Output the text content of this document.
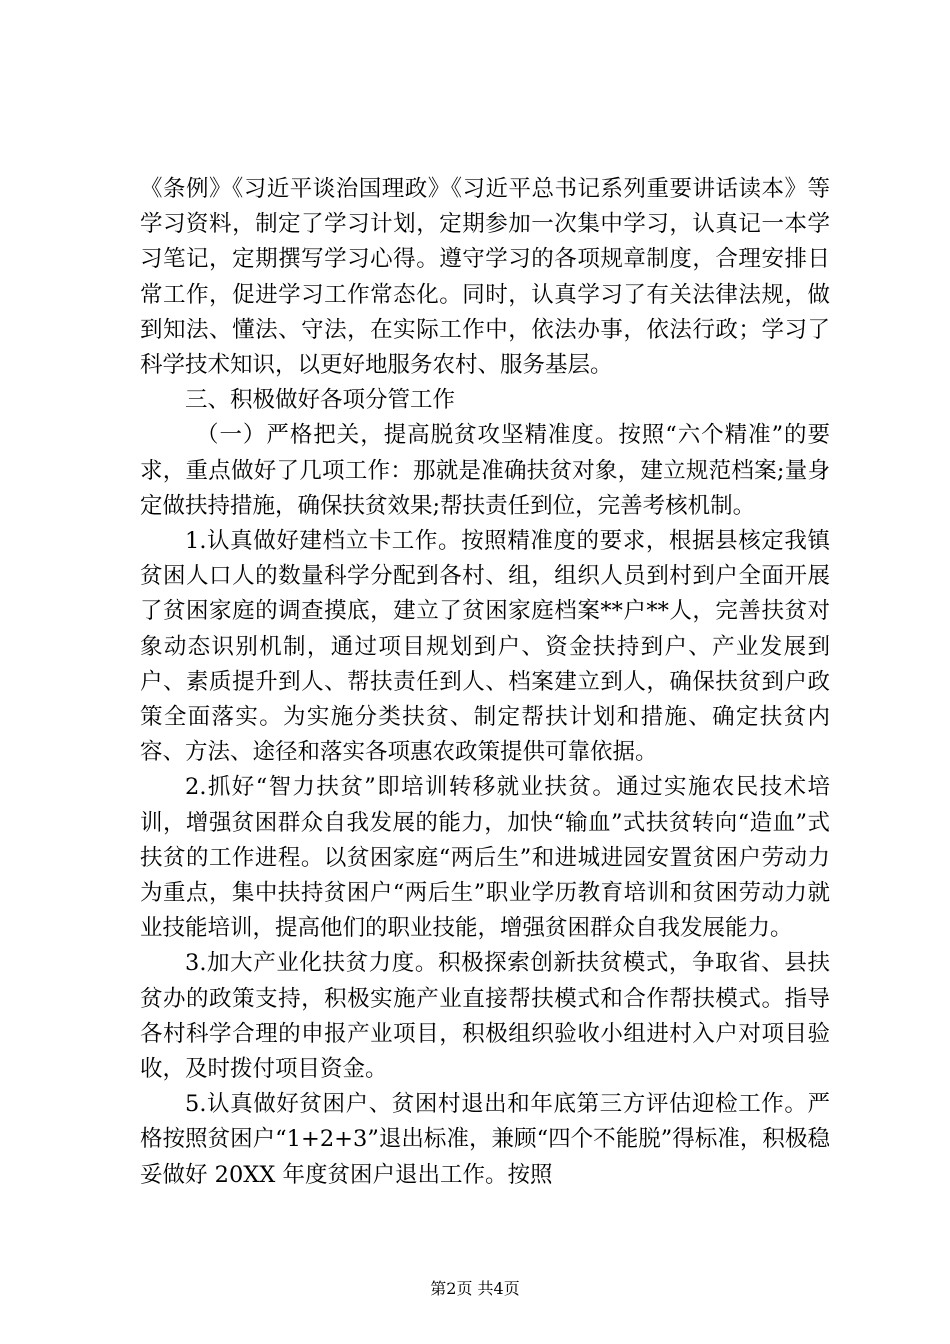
《条例》《习近平谈治国理政》《习近平总书记系列重要讲话读本》等学习资料，制定了学习计划，定期参加一次集中学习，认真记一本学习笔记，定期撰写学习心得。遵守学习的各项规章制度，合理安排日常工作，促进学习工作常态化。同时，认真学习了有关法律法规，做到知法、懂法、守法，在实际工作中，依法办事，依法行政；学习了科学技术知识，以更好地服务农村、服务基层。

三、积极做好各项分管工作

（一）严格把关，提高脱贫攻坚精准度。按照“六个精准”的要求，重点做好了几项工作：那就是准确扶贫对象，建立规范档案;量身定做扶持措施，确保扶贫效果;帮扶责任到位，完善考核机制。

1.认真做好建档立卡工作。按照精准度的要求，根据县核定我镇贫困人口人的数量科学分配到各村、组，组织人员到村到户全面开展了贫困家庭的调查摸底，建立了贫困家庭档案**户**人，完善扶贫对象动态识别机制，通过项目规划到户、资金扶持到户、产业发展到户、素质提升到人、帮扶责任到人、档案建立到人，确保扶贫到户政策全面落实。为实施分类扶贫、制定帮扶计划和措施、确定扶贫内容、方法、途径和落实各项惠农政策提供可靠依据。

2.抓好“智力扶贫”即培训转移就业扶贫。通过实施农民技术培训，增强贫困群众自我发展的能力，加快“输血”式扶贫转向“造血”式扶贫的工作进程。以贫困家庭“两后生”和进城进园安置贫困户劳动力为重点，集中扶持贫困户“两后生”职业学历教育培训和贫困劳动力就业技能培训，提高他们的职业技能，增强贫困群众自我发展能力。

3.加大产业化扶贫力度。积极探索创新扶贫模式，争取省、县扶贫办的政策支持，积极实施产业直接帮扶模式和合作帮扶模式。指导各村科学合理的申报产业项目，积极组织验收小组进村入户对项目验收，及时拨付项目资金。

5.认真做好贫困户、贫困村退出和年底第三方评估迎检工作。严格按照贫困户“1+2+3”退出标准，兼顾“四个不能脱”得标准，积极稳妥做好 20XX 年度贫困户退出工作。按照

第2页 共4页
